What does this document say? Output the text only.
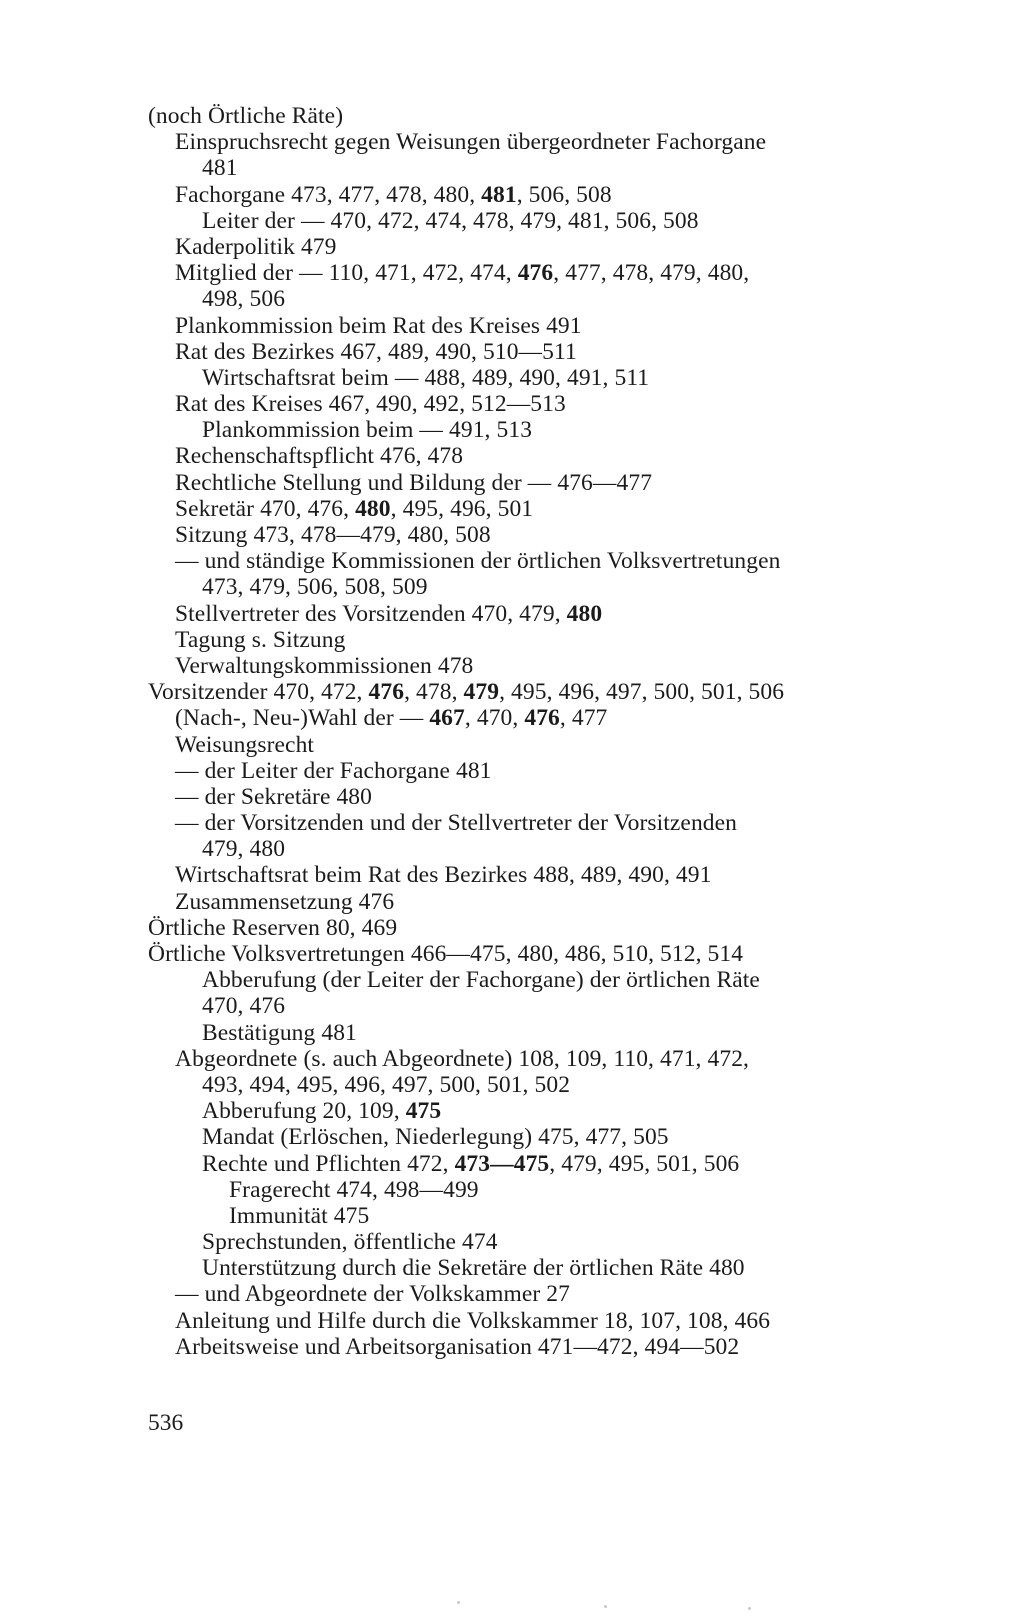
(noch Örtliche Räte)
Einspruchsrecht gegen Weisungen übergeordneter Fachorgane
481
Fachorgane 473, 477, 478, 480, 481, 506, 508
Leiter der — 470, 472, 474, 478, 479, 481, 506, 508
Kaderpolitik 479
Mitglied der — 110, 471, 472, 474, 476, 477, 478, 479, 480,
498, 506
Plankommission beim Rat des Kreises 491
Rat des Bezirkes 467, 489, 490, 510—511
Wirtschaftsrat beim — 488, 489, 490, 491, 511
Rat des Kreises 467, 490, 492, 512—513
Plankommission beim — 491, 513
Rechenschaftspflicht 476, 478
Rechtliche Stellung und Bildung der — 476—477
Sekretär 470, 476, 480, 495, 496, 501
Sitzung 473, 478—479, 480, 508
— und ständige Kommissionen der örtlichen Volksvertretungen
473, 479, 506, 508, 509
Stellvertreter des Vorsitzenden 470, 479, 480
Tagung s. Sitzung
Verwaltungskommissionen 478
Vorsitzender 470, 472, 476, 478, 479, 495, 496, 497, 500, 501, 506
(Nach-, Neu-)Wahl der — 467, 470, 476, 477
Weisungsrecht
— der Leiter der Fachorgane 481
— der Sekretäre 480
— der Vorsitzenden und der Stellvertreter der Vorsitzenden
479, 480
Wirtschaftsrat beim Rat des Bezirkes 488, 489, 490, 491
Zusammensetzung 476
Örtliche Reserven 80, 469
Örtliche Volksvertretungen 466—475, 480, 486, 510, 512, 514
Abberufung (der Leiter der Fachorgane) der örtlichen Räte
470, 476
Bestätigung 481
Abgeordnete (s. auch Abgeordnete) 108, 109, 110, 471, 472,
493, 494, 495, 496, 497, 500, 501, 502
Abberufung 20, 109, 475
Mandat (Erlöschen, Niederlegung) 475, 477, 505
Rechte und Pflichten 472, 473—475, 479, 495, 501, 506
Fragerecht 474, 498—499
Immunität 475
Sprechstunden, öffentliche 474
Unterstützung durch die Sekretäre der örtlichen Räte 480
— und Abgeordnete der Volkskammer 27
Anleitung und Hilfe durch die Volkskammer 18, 107, 108, 466
Arbeitsweise und Arbeitsorganisation 471—472, 494—502
536
